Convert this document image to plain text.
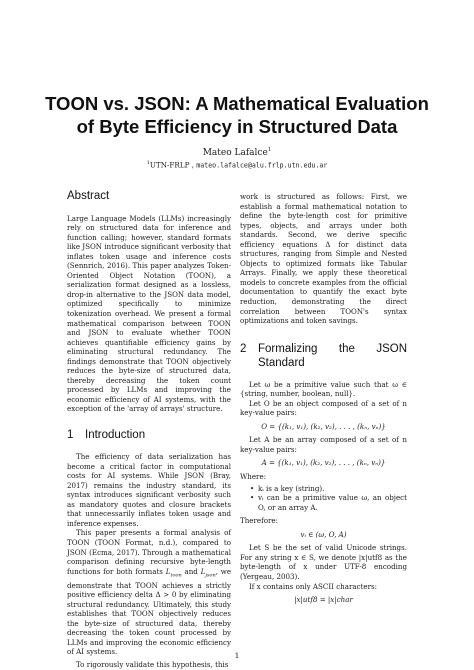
TOON vs. JSON: A Mathematical Evaluation
of Byte Efficiency in Structured Data
Mateo Lafalce$^1$
$^1$UTN-FRLP , mateo.lafalce@alu.frlp.utn.edu.ar
Abstract

Large Language Models (LLMs) increasingly rely on structured data for inference and function calling; however, standard formats like JSON introduce significant verbosity that inflates token usage and inference costs (Sennrich, 2016). This paper analyzes Token-Oriented Object Notation (TOON), a serialization format designed as a lossless, drop-in alternative to the JSON data model, optimized specifically to minimize tokenization overhead. We present a formal mathematical comparison between TOON and JSON to evaluate whether TOON achieves quantifiable efficiency gains by eliminating structural redundancy. The findings demonstrate that TOON objectively reduces the byte-size of structured data, thereby decreasing the token count processed by LLMs and improving the economic efficiency of AI systems, with the exception of the 'array of arrays' structure.

1	Introduction

The efficiency of data serialization has become a critical factor in computational costs for AI systems. While JSON (Bray, 2017) remains the industry standard, its syntax introduces significant verbosity such as mandatory quotes and closure brackets that unnecessarily inflates token usage and inference expenses.

This paper presents a formal analysis of TOON (TOON Format, n.d.), compared to JSON (Ecma, 2017). Through a mathematical comparison defining recursive byte-length functions for both formats $L_{toon}$ and $L_{json}$, we demonstrate that TOON achieves a strictly positive efficiency delta Δ > 0 by eliminating structural redundancy. Ultimately, this study establishes that TOON objectively reduces the byte-size of structured data, thereby decreasing the token count processed by LLMs and improving the economic efficiency of AI systems.

To rigorously validate this hypothesis, this

work is structured as follows: First, we establish a formal mathematical notation to define the byte-length cost for primitive types, objects, and arrays under both standards. Second, we derive specific efficiency equations Δ for distinct data structures, ranging from Simple and Nested Objects to optimized formats like Tabular Arrays. Finally, we apply these theoretical models to concrete examples from the official documentation to quantify the exact byte reduction, demonstrating the direct correlation between TOON's syntax optimizations and token savings.

2	Formalizing the JSON
Standard

Let ω be a primitive value such that ω ∈ {string, number, boolean, null}.

Let O be an object composed of a set of n key-value pairs:

O = {(k₁, v₁), (k₂, v₂), . . . , (kₙ, vₙ)}

Let A be an array composed of a set of n key-value pairs:

A = {(k₁, v₁), (k₂, v₂), . . . , (kₙ, vₙ)}

Where:

• kᵢ is a key (string).
• vᵢ can be a primitive value ω, an object O, or an array A.

Therefore:

vᵢ ∈ (ω, O, A)

Let S be the set of valid Unicode strings. For any string x ∈ S, we denote |x|utf8 as the byte-length of x under UTF-8 encoding (Yergeau, 2003).

If x contains only ASCII characters:

|x|utf8 = |x|char

1
